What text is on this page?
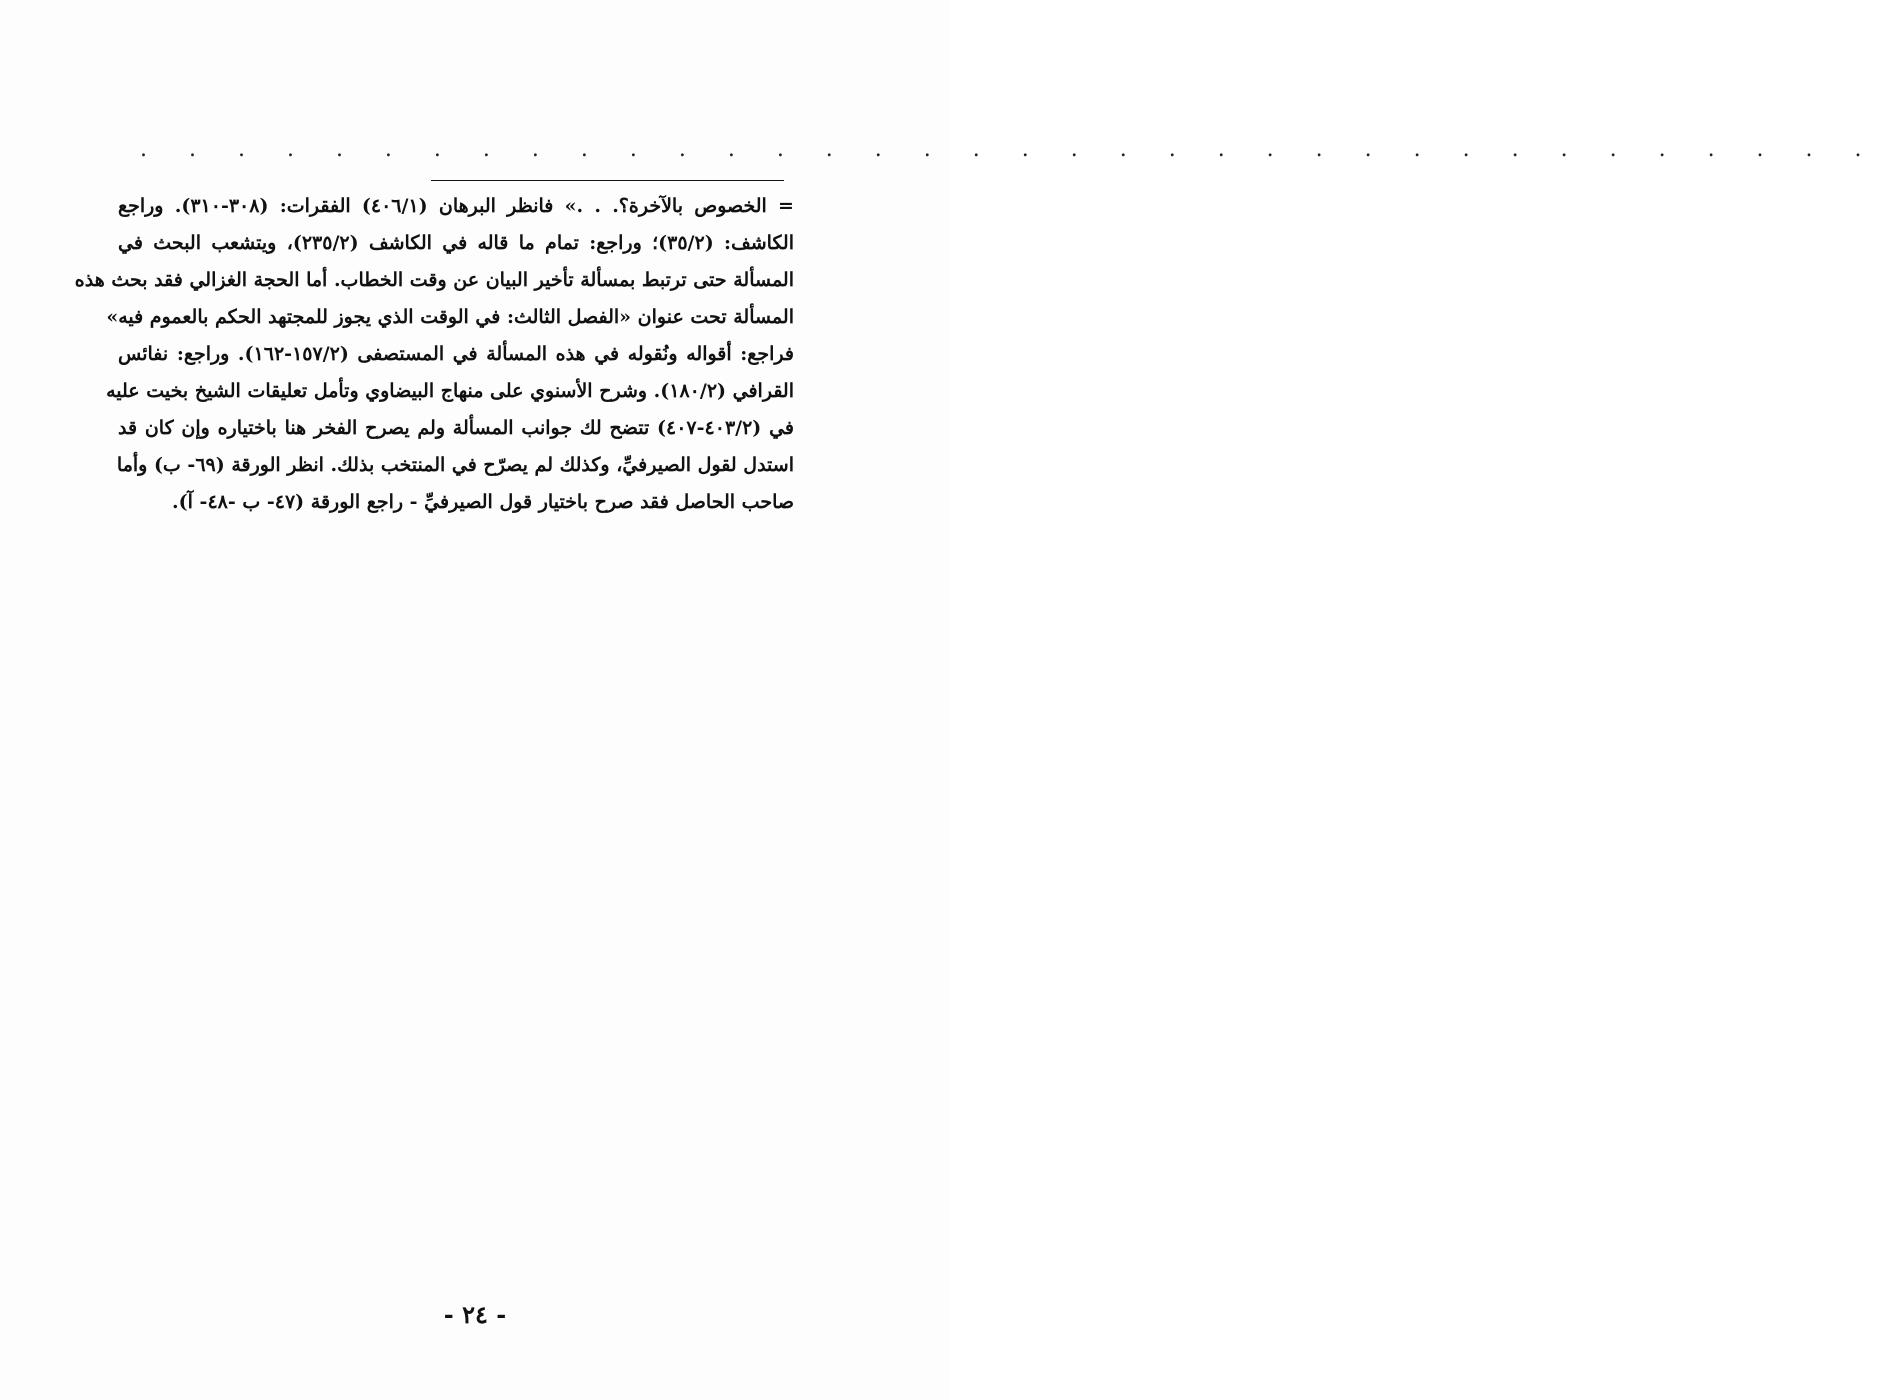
. . . . . . . . . . . . . . . . . . . . . . . . . . . . . . . . . . . .
= الخصوص بالآخرة؟. . .» فانظر البرهان (٤٠٦/١) الفقرات: (٣٠٨-٣١٠). وراجع
الكاشف: (٣٥/٢)؛ وراجع: تمام ما قاله في الكاشف (٢٣٥/٢)، ويتشعب البحث في
المسألة حتى ترتبط بمسألة تأخير البيان عن وقت الخطاب. أما الحجة الغزالي فقد بحث هذه
المسألة تحت عنوان «الفصل الثالث: في الوقت الذي يجوز للمجتهد الحكم بالعموم فيه»
فراجع: أقواله ونُقوله في هذه المسألة في المستصفى (١٥٧/٢-١٦٢). وراجع: نفائس
القرافي (١٨٠/٢). وشرح الأسنوي على منهاج البيضاوي وتأمل تعليقات الشيخ بخيت عليه
في (٤٠٣/٢-٤٠٧) تتضح لك جوانب المسألة ولم يصرح الفخر هنا باختياره وإن كان قد
استدل لقول الصيرفيِّ، وكذلك لم يصرّح في المنتخب بذلك. انظر الورقة (٦٩- ب) وأما
صاحب الحاصل فقد صرح باختيار قول الصيرفيِّ - راجع الورقة (٤٧- ب -٤٨- آ).
- ٢٤ -
